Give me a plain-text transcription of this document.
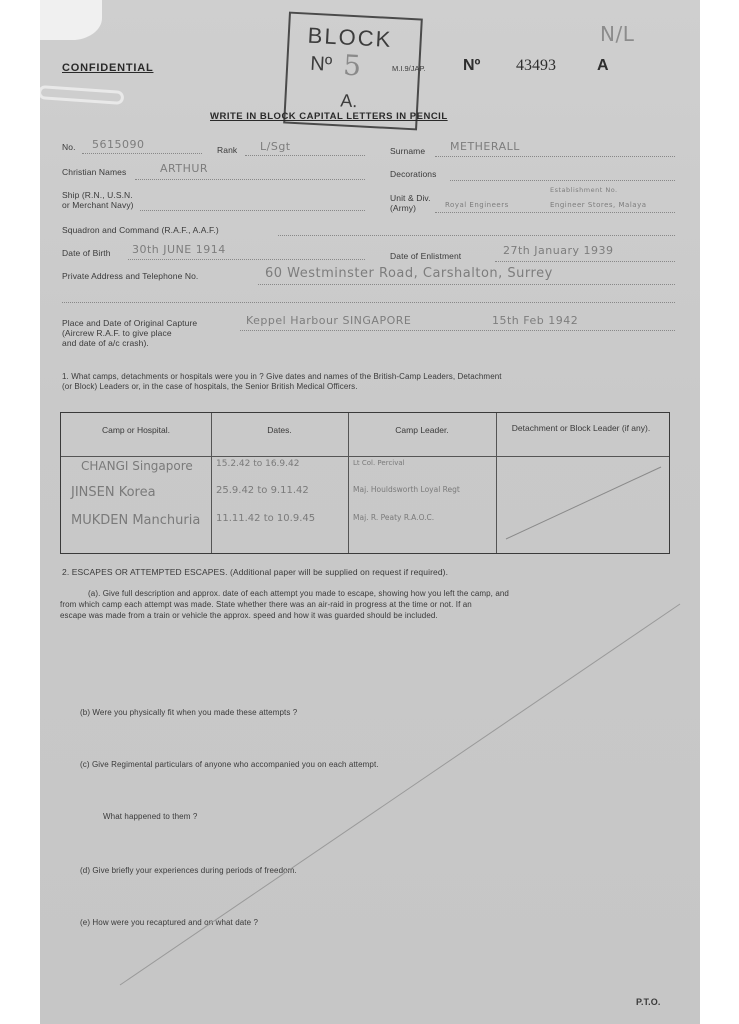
N/L
CONFIDENTIAL
BLOCK
Nº 5
A.
M.I.9/JAP. Nº 43493	A
WRITE IN BLOCK CAPITAL LETTERS IN PENCIL
No. 5615090	Rank L/Sgt	Surname METHERALL
Christian Names	ARTHUR	Decorations
Ship (R.N., U.S.N.
or Merchant Navy)
Unit & Div.
(Army)
Establishment No.
Royal Engineers	Engineer Stores, Malaya
Squadron and Command (R.A.F., A.A.F.)
Date of Birth 30th JUNE 1914	Date of Enlistment	27th January 1939
Private Address and Telephone No.	60 Westminster Road, Carshalton, Surrey
Place and Date of Original Capture
(Aircrew R.A.F. to give place
and date of a/c crash).
Keppel Harbour SINGAPORE	15th Feb 1942
1. What camps, detachments or hospitals were you in ? Give dates and names of the British-Camp Leaders, Detachment
(or Block) Leaders or, in the case of hospitals, the Senior British Medical Officers.
Camp or Hospital.	Dates.	Camp Leader.	Detachment or Block Leader (if any).
CHANGI Singapore	15.2.42 to 16.9.42	Lt Col. Percival
JINSEN Korea	25.9.42 to 9.11.42	Maj. Houldsworth Loyal Regt
MUKDEN Manchuria 11.11.42 to 10.9.45	Maj. R. Peaty R.A.O.C.
2. ESCAPES OR ATTEMPTED ESCAPES. (Additional paper will be supplied on request if required).
(a). Give full description and approx. date of each attempt you made to escape, showing how you left the camp, and
from which camp each attempt was made. State whether there was an air-raid in progress at the time or not. If an
escape was made from a train or vehicle the approx. speed and how it was guarded should be included.
(b) Were you physically fit when you made these attempts ?
(c) Give Regimental particulars of anyone who accompanied you on each attempt.
What happened to them ?
(d) Give briefly your experiences during periods of freedom.
(e) How were you recaptured and on what date ?
P.T.O.
